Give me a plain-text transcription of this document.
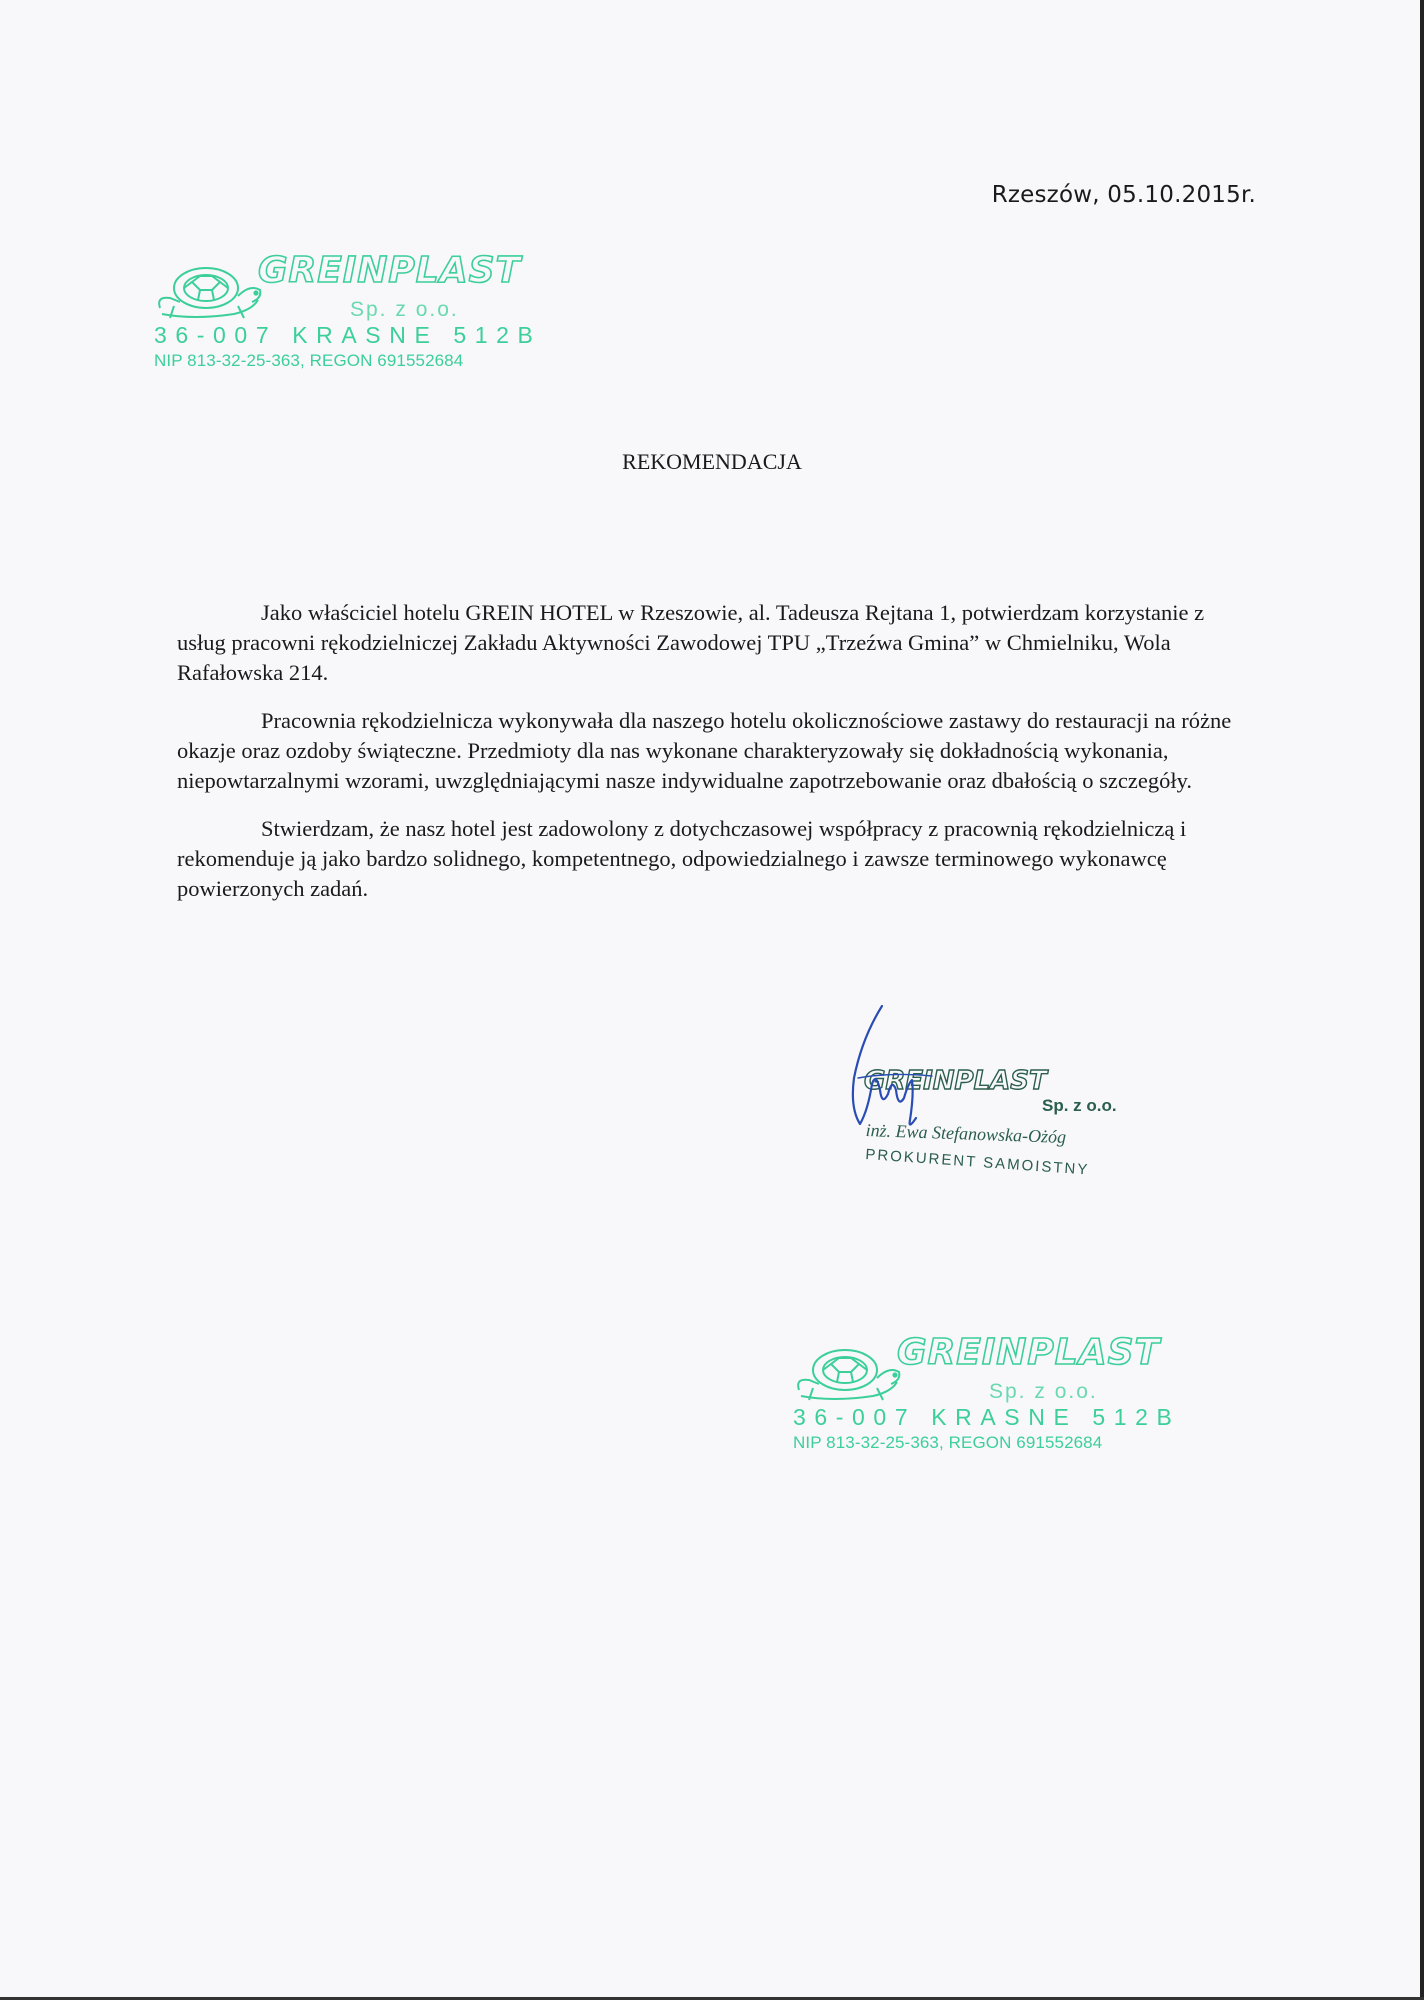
Rzeszów, 05.10.2015r.
GREINPLAST
Sp. z o.o.
36-007 KRASNE 512B
NIP 813-32-25-363, REGON 691552684
REKOMENDACJA

Jako właściciel hotelu GREIN HOTEL w Rzeszowie, al. Tadeusza Rejtana 1, potwierdzam korzystanie z usług pracowni rękodzielniczej Zakładu Aktywności Zawodowej TPU „Trzeźwa Gmina” w Chmielniku, Wola Rafałowska 214.

Pracownia rękodzielnicza wykonywała dla naszego hotelu okolicznościowe zastawy do restauracji na różne okazje oraz ozdoby świąteczne. Przedmioty dla nas wykonane charakteryzowały się dokładnością wykonania, niepowtarzalnymi wzorami, uwzględniającymi nasze indywidualne zapotrzebowanie oraz dbałością o szczegóły.

Stwierdzam, że nasz hotel jest zadowolony z dotychczasowej współpracy z pracownią rękodzielniczą i rekomenduje ją jako bardzo solidnego, kompetentnego, odpowiedzialnego i zawsze terminowego wykonawcę powierzonych zadań.

GREINPLAST
Sp. z o.o.
inż. Ewa Stefanowska-Ożóg
PROKURENT SAMOISTNY
GREINPLAST
Sp. z o.o.
36-007 KRASNE 512B
NIP 813-32-25-363, REGON 691552684
